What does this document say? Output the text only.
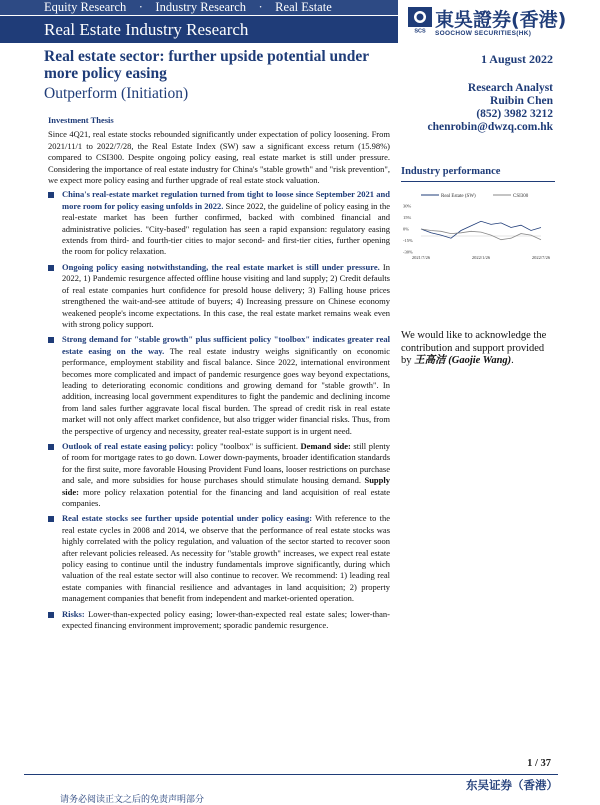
Equity Research　·　Industry Research　·　Real Estate
Real Estate Industry Research	SCS
東吳證券(香港)
SOOCHOW SECURITIES(HK)
Real estate sector: further upside potential under more policy easing
Outperform (Initiation)
1 August 2022
Research Analyst
Ruibin Chen
(852) 3982 3212
chenrobin@dwzq.com.hk
Investment Thesis

Since 4Q21, real estate stocks rebounded significantly under expectation of policy loosening. From 2021/11/1 to 2022/7/28, the Real Estate Index (SW) saw a significant excess return (15.98%) compared to CSI300. Despite ongoing policy easing, real estate market is still under pressure. Considering the importance of real estate industry for China's "stable growth" and "risk prevention", we expect more policy easing and further upgrade of real estate stock valuation.

China's real-estate market regulation turned from tight to loose since September 2021 and more room for policy easing unfolds in 2022. Since 2022, the guideline of policy easing in the real-estate market has been further confirmed, backed with combined financial and administrative policies. "City-based" regulation has seen a rapid expansion: regulatory easing extends from third- and fourth-tier cities to major second- and first-tier cities, further opening the room for policy relaxation.
Ongoing policy easing notwithstanding, the real estate market is still under pressure. In 2022, 1) Pandemic resurgence affected offline house visiting and land supply; 2) Credit defaults of real estate companies hurt confidence for presold house delivery; 3) Falling house prices strengthened the wait-and-see attitude of buyers; 4) Increasing pressure on Chinese economy weakened people's income expectations. In this case, the real estate market remains weak even with strong policy support.
Strong demand for "stable growth" plus sufficient policy "toolbox" indicates greater real estate easing on the way. The real estate industry weighs significantly on economic performance, employment stability and fiscal balance. Since 2022, international environment becomes more complicated and impact of pandemic resurgence goes way beyond expectations, leading to deteriorating economic conditions and growing demand for "stable growth". In addition, increasing local government expenditures to fight the pandemic and declining income from land sales further aggravate local fiscal burden. The spread of credit risk in real estate market will not only affect market confidence, but also trigger wider financial risks. Thus, from the perspective of urgency and necessity, greater real-estate support is in urgent need.
Outlook of real estate easing policy: policy "toolbox" is sufficient. Demand side: still plenty of room for mortgage rates to go down. Lower down-payments, broader identification standards for the first suite, more favorable Housing Provident Fund loans, looser restrictions on purchase and sale, and more subsidies for house purchases should stimulate housing demand. Supply side: more policy relaxation potential for the financing and land acquisition of real estate companies.
Real estate stocks see further upside potential under policy easing: With reference to the real estate cycles in 2008 and 2014, we observe that the performance of real estate stocks was highly correlated with the policy regulation, and valuation of the sector started to recover soon after relevant policies released. As necessity for "stable growth" increases, we expect real estate policy easing to continue until the industry fundamentals improve significantly, during which valuation of the real estate sector will also continue to recover. We recommend: 1) leading real estate companies with financial resilience and advantages in land acquisition; 2) property management companies that benefit from independent and market-oriented operation.
Risks: Lower-than-expected policy easing; lower-than-expected real estate sales; lower-than-expected financing environment improvement; sporadic pandemic resurgence.
Industry performance
Real Estate (SW)	CSI300
30%
15%
0%
-15%
-30%
2021/7/26	2022/1/26	2022/7/26
We would like to acknowledge the contribution and support provided by 王高洁 (Gaojie Wang).
1 / 37
东吴证券（香港）
请务必阅读正文之后的免责声明部分
